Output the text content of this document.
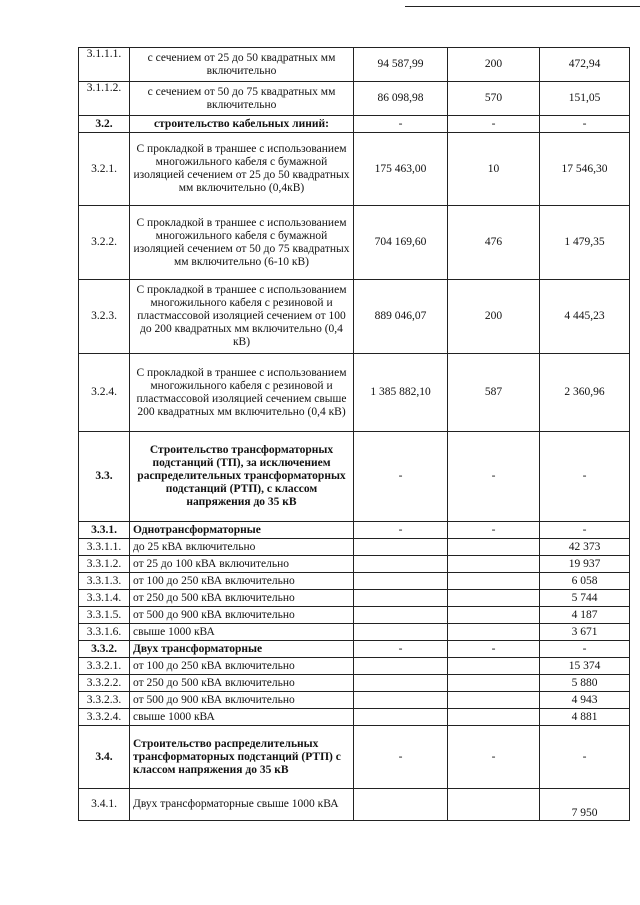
3.1.1.1.	с сечением от 25 до 50 квадратных мм включительно	94 587,99	200	472,94
3.1.1.2.	с сечением от 50 до 75 квадратных мм включительно	86 098,98	570	151,05
3.2.	строительство кабельных линий:	-	-	-
3.2.1.	С прокладкой в траншее с использованием многожильного кабеля с бумажной изоляцией сечением от 25 до 50 квадратных мм включительно (0,4кВ)	175 463,00	10	17 546,30
3.2.2.	С прокладкой в траншее с использованием многожильного кабеля с бумажной изоляцией сечением от 50 до 75 квадратных мм включительно (6-10 кВ)	704 169,60	476	1 479,35
3.2.3.	С прокладкой в траншее с использованием многожильного кабеля с резиновой и пластмассовой изоляцией сечением от 100 до 200 квадратных мм включительно (0,4 кВ)	889 046,07	200	4 445,23
3.2.4.	С прокладкой в траншее с использованием многожильного кабеля с резиновой и пластмассовой изоляцией сечением свыше 200 квадратных мм включительно (0,4 кВ)	1 385 882,10	587	2 360,96
3.3.	Строительство трансформаторных подстанций (ТП), за исключением распределительных трансформаторных подстанций (РТП), с классом напряжения до 35 кВ	-	-	-
3.3.1.	Однотрансформаторные	-	-	-
3.3.1.1.	до 25 кВА включительно			42 373
3.3.1.2.	от 25 до 100 кВА включительно			19 937
3.3.1.3.	от 100 до 250 кВА включительно			6 058
3.3.1.4.	от 250 до 500 кВА включительно			5 744
3.3.1.5.	от 500 до 900 кВА включительно			4 187
3.3.1.6.	свыше 1000 кВА			3 671
3.3.2.	Двух трансформаторные	-	-	-
3.3.2.1.	от 100 до 250 кВА включительно			15 374
3.3.2.2.	от 250 до 500 кВА включительно			5 880
3.3.2.3.	от 500 до 900 кВА включительно			4 943
3.3.2.4.	свыше 1000 кВА			4 881
3.4.	Строительство распределительных трансформаторных подстанций (РТП) с классом напряжения до 35 кВ	-	-	-
3.4.1.	Двух трансформаторные свыше 1000 кВА			7 950
